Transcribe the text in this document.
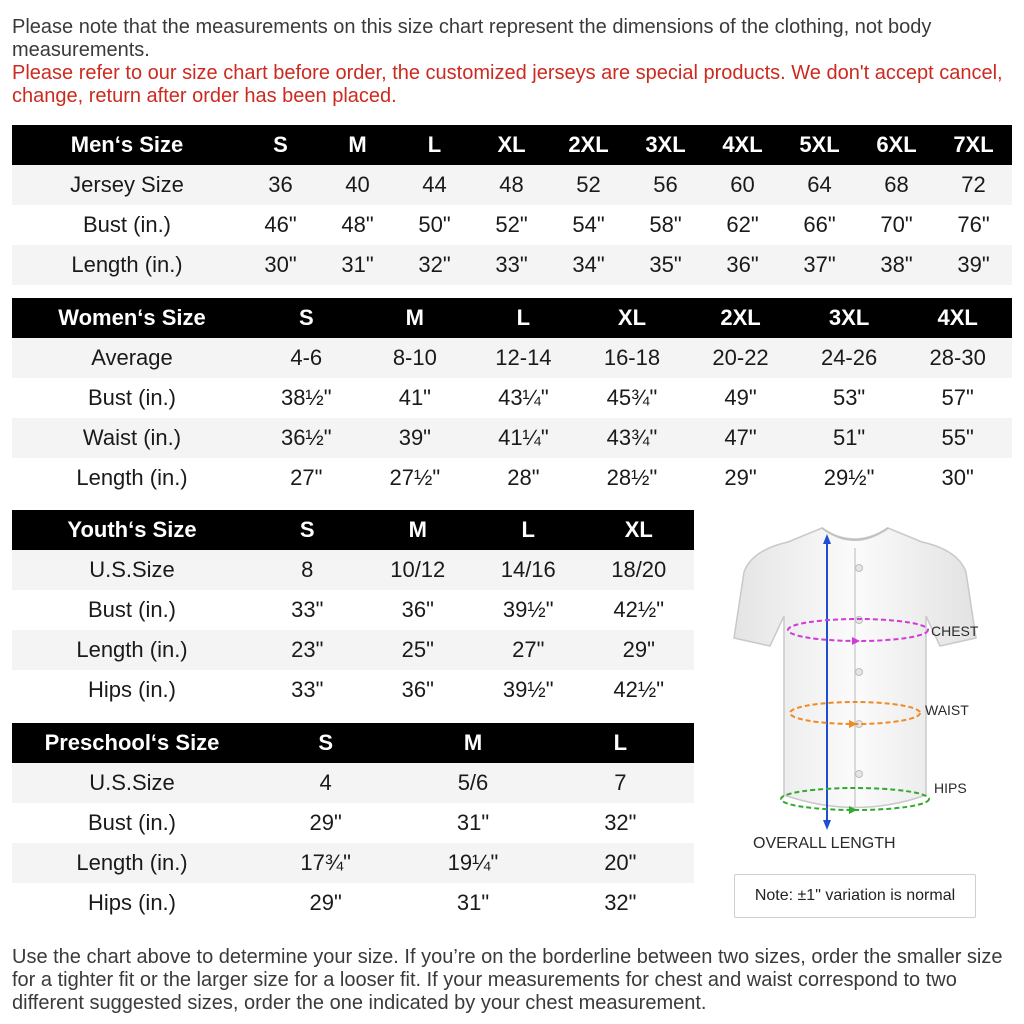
Please note that the measurements on this size chart represent the dimensions of the clothing, not body measurements.
Please refer to our size chart before order, the customized jerseys are special products. We don't accept cancel, change, return after order has been placed.
Men‘s Size	S	M	L	XL	2XL	3XL	4XL	5XL	6XL	7XL
Jersey Size	36	40	44	48	52	56	60	64	68	72
Bust (in.)	46"	48"	50"	52"	54"	58"	62"	66"	70"	76"
Length (in.)	30"	31"	32"	33"	34"	35"	36"	37"	38"	39"
Women‘s Size	S	M	L	XL	2XL	3XL	4XL
Average	4-6	8-10	12-14	16-18	20-22	24-26	28-30
Bust (in.)	38½"	41"	43¼"	45¾"	49"	53"	57"
Waist (in.)	36½"	39"	41¼"	43¾"	47"	51"	55"
Length (in.)	27"	27½"	28"	28½"	29"	29½"	30"
Youth‘s Size	S	M	L	XL
U.S.Size	8	10/12	14/16	18/20
Bust (in.)	33"	36"	39½"	42½"
Length (in.)	23"	25"	27"	29"
Hips (in.)	33"	36"	39½"	42½"
Preschool‘s Size	S	M	L
U.S.Size	4	5/6	7
Bust (in.)	29"	31"	32"
Length (in.)	17¾"	19¼"	20"
Hips (in.)	29"	31"	32"
CHEST
WAIST
HIPS
OVERALL LENGTH
Note: ±1" variation is normal
Use the chart above to determine your size. If you’re on the borderline between two sizes, order the smaller size for a tighter fit or the larger size for a looser fit. If your measurements for chest and waist correspond to two different suggested sizes, order the one indicated by your chest measurement.
